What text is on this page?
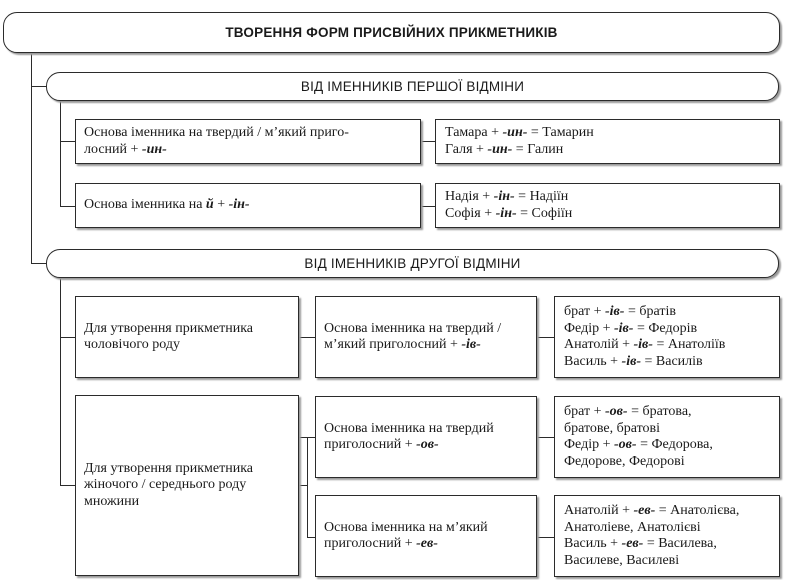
ТВОРЕННЯ ФОРМ ПРИСВІЙНИХ ПРИКМЕТНИКІВ
ВІД ІМЕННИКІВ ПЕРШОЇ ВІДМІНИ
Основа іменника на твердий / м’який приго-
лосний + -ин-
Тамара + -ин- = Тамарин
Галя + -ин- = Галин
Основа іменника на й + -ін-
Надія + -ін- = Надіїн
Софія + -ін- = Софіїн
ВІД ІМЕННИКІВ ДРУГОЇ ВІДМІНИ
Для утворення прикметника
чоловічого роду
Основа іменника на твердий /
м’який приголосний + -ів-
брат + -ів- = братів
Федір + -ів- = Федорів
Анатолій + -ів- = Анатоліїв
Василь + -ів- = Василів
Для утворення прикметника
жіночого / середнього роду
множини
Основа іменника на твердий
приголосний + -ов-
брат + -ов- = братова,
братове, братові
Федір + -ов- = Федорова,
Федорове, Федорові
Основа іменника на м’який
приголосний + -ев-
Анатолій + -ев- = Анатолієва,
Анатоліеве, Анатолієві
Василь + -ев- = Василева,
Василеве, Василеві
